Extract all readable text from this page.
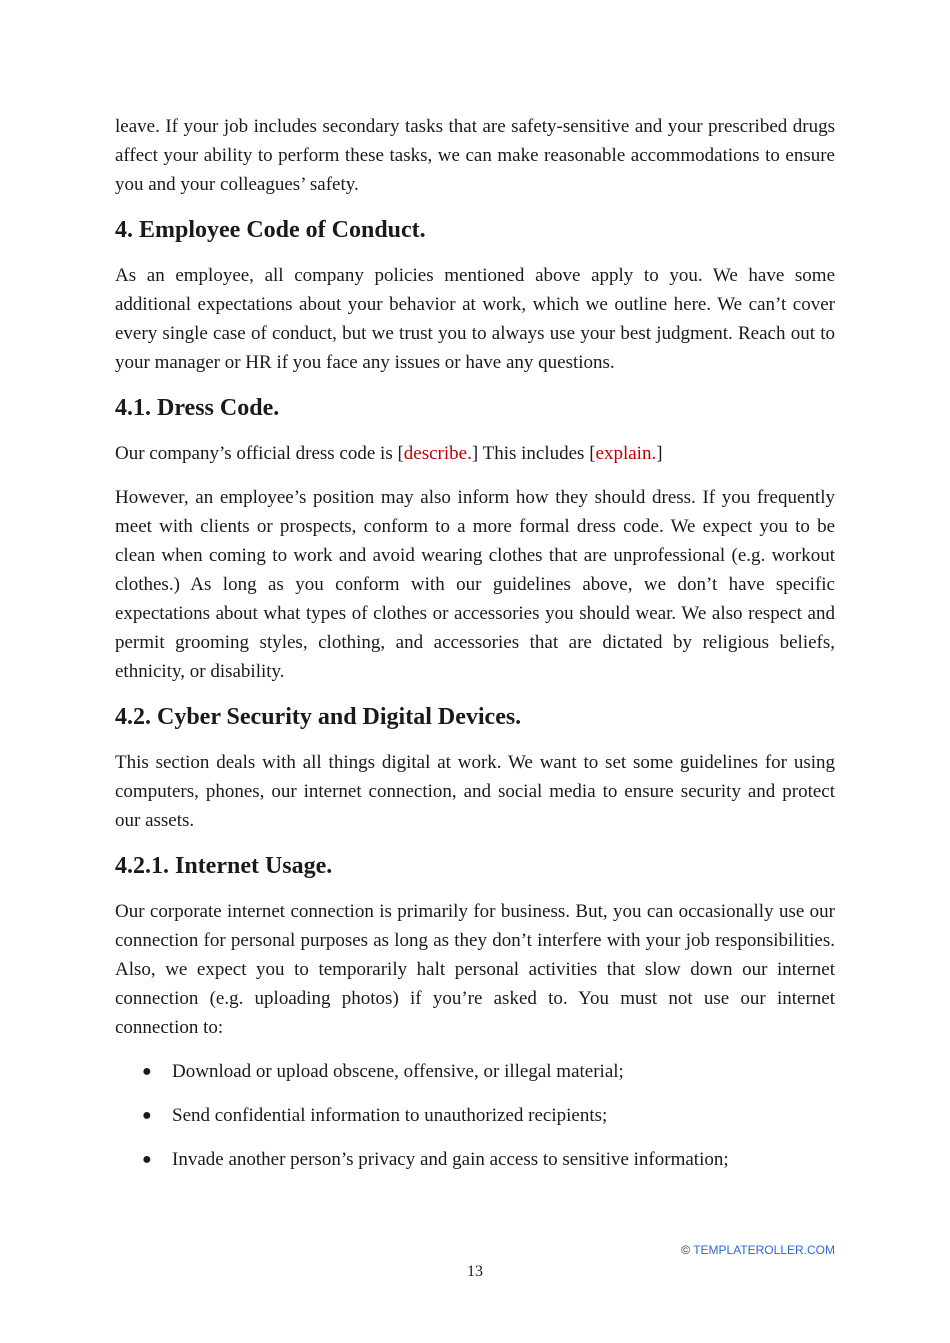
leave. If your job includes secondary tasks that are safety-sensitive and your prescribed drugs affect your ability to perform these tasks, we can make reasonable accommodations to ensure you and your colleagues’ safety.

4. Employee Code of Conduct.

As an employee, all company policies mentioned above apply to you. We have some additional expectations about your behavior at work, which we outline here. We can’t cover every single case of conduct, but we trust you to always use your best judgment. Reach out to your manager or HR if you face any issues or have any questions.

4.1. Dress Code.

Our company’s official dress code is [describe.] This includes [explain.]

However, an employee’s position may also inform how they should dress. If you frequently meet with clients or prospects, conform to a more formal dress code. We expect you to be clean when coming to work and avoid wearing clothes that are unprofessional (e.g. workout clothes.) As long as you conform with our guidelines above, we don’t have specific expectations about what types of clothes or accessories you should wear. We also respect and permit grooming styles, clothing, and accessories that are dictated by religious beliefs, ethnicity, or disability.

4.2. Cyber Security and Digital Devices.

This section deals with all things digital at work. We want to set some guidelines for using computers, phones, our internet connection, and social media to ensure security and protect our assets.

4.2.1. Internet Usage.

Our corporate internet connection is primarily for business. But, you can occasionally use our connection for personal purposes as long as they don’t interfere with your job responsibilities. Also, we expect you to temporarily halt personal activities that slow down our internet connection (e.g. uploading photos) if you’re asked to. You must not use our internet connection to:

● Download or upload obscene, offensive, or illegal material;
● Send confidential information to unauthorized recipients;
● Invade another person’s privacy and gain access to sensitive information;
© TEMPLATEROLLER.COM
13
